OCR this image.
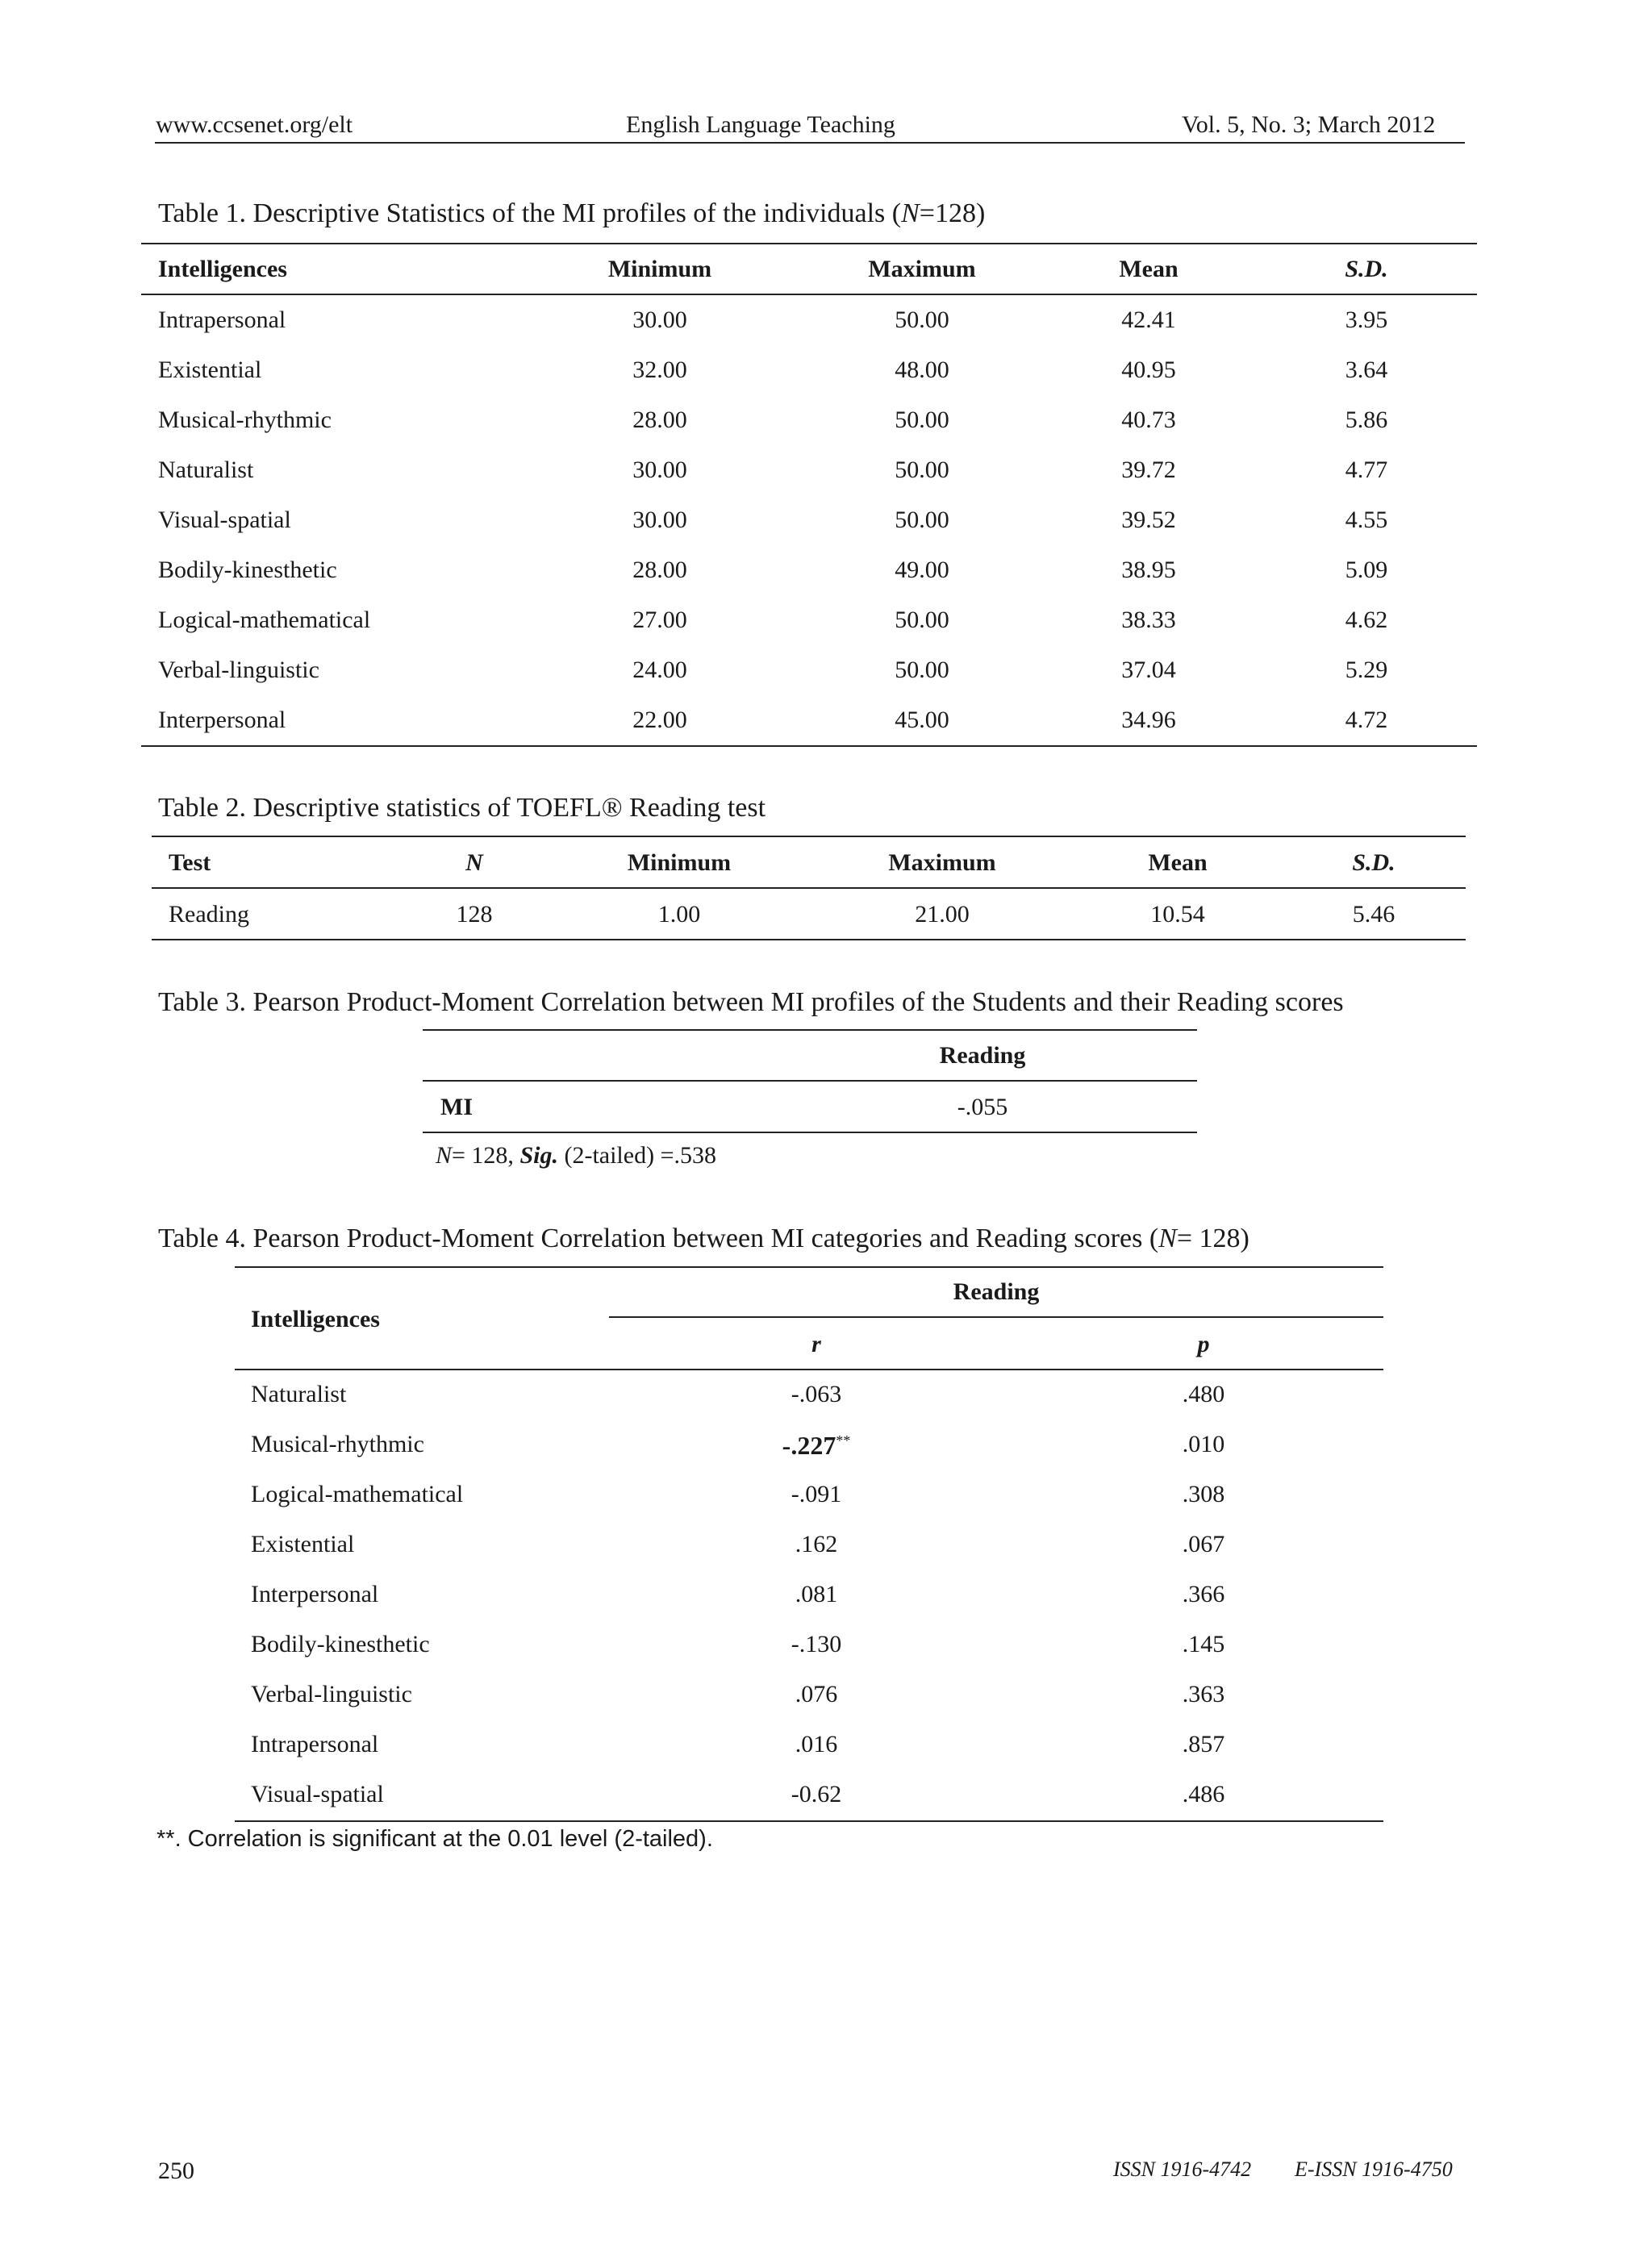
www.ccsenet.org/elt	English Language Teaching	Vol. 5, No. 3; March 2012
Table 1. Descriptive Statistics of the MI profiles of the individuals (N=128)
Intelligences	Minimum	Maximum	Mean	S.D.
Intrapersonal	30.00	50.00	42.41	3.95
Existential	32.00	48.00	40.95	3.64
Musical-rhythmic	28.00	50.00	40.73	5.86
Naturalist	30.00	50.00	39.72	4.77
Visual-spatial	30.00	50.00	39.52	4.55
Bodily-kinesthetic	28.00	49.00	38.95	5.09
Logical-mathematical	27.00	50.00	38.33	4.62
Verbal-linguistic	24.00	50.00	37.04	5.29
Interpersonal	22.00	45.00	34.96	4.72
Table 2. Descriptive statistics of TOEFL® Reading test
Test	N	Minimum	Maximum	Mean	S.D.
Reading	128	1.00	21.00	10.54	5.46
Table 3. Pearson Product-Moment Correlation between MI profiles of the Students and their Reading scores
Reading
MI	-.055
N= 128, Sig. (2-tailed) =.538
Table 4. Pearson Product-Moment Correlation between MI categories and Reading scores (N= 128)
Intelligences
Reading
r	p
Naturalist	-.063	.480
Musical-rhythmic	-.227**	.010
Logical-mathematical	-.091	.308
Existential	.162	.067
Interpersonal	.081	.366
Bodily-kinesthetic	-.130	.145
Verbal-linguistic	.076	.363
Intrapersonal	.016	.857
Visual-spatial	-0.62	.486
**. Correlation is significant at the 0.01 level (2-tailed).
250	ISSN 1916-4742 E-ISSN 1916-4750
